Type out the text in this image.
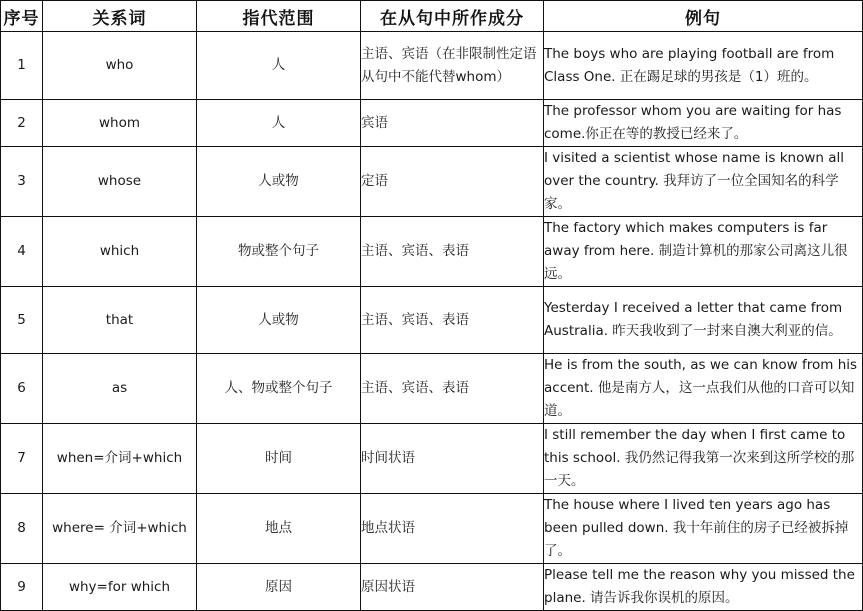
序号	关系词	指代范围	在从句中所作成分	例句
1	who	人	主语、宾语（在非限制性定语从句中不能代替whom）	The boys who are playing football are from Class One. 正在踢足球的男孩是（1）班的。
2	whom	人	宾语	The professor whom you are waiting for has come.你正在等的教授已经来了。
3	whose	人或物	定语	I visited a scientist whose name is known all over the country. 我拜访了一位全国知名的科学家。
4	which	物或整个句子	主语、宾语、表语	The factory which makes computers is far away from here. 制造计算机的那家公司离这儿很远。
5	that	人或物	主语、宾语、表语	Yesterday I received a letter that came from Australia. 昨天我收到了一封来自澳大利亚的信。
6	as	人、物或整个句子	主语、宾语、表语	He is from the south, as we can know from his accent. 他是南方人，这一点我们从他的口音可以知道。
7	when=介词+which	时间	时间状语	I still remember the day when I first came to this school. 我仍然记得我第一次来到这所学校的那一天。
8	where= 介词+which	地点	地点状语	The house where I lived ten years ago has been pulled down. 我十年前住的房子已经被拆掉了。
9	why=for which	原因	原因状语	Please tell me the reason why you missed the plane. 请告诉我你误机的原因。
